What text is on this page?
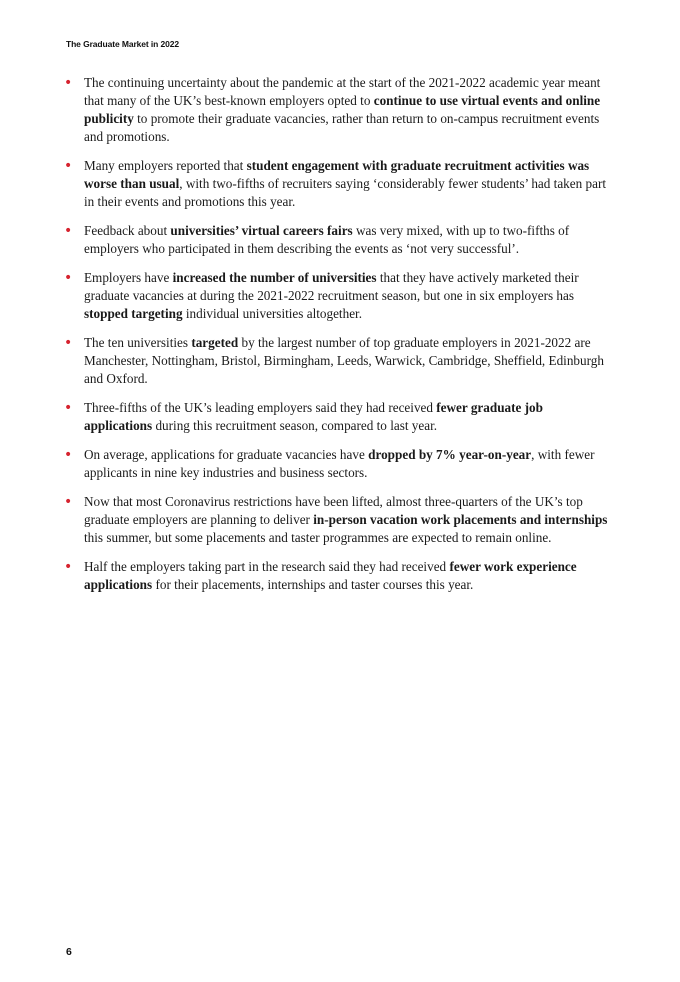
The Graduate Market in 2022
• The continuing uncertainty about the pandemic at the start of the 2021-2022 academic year meant that many of the UK’s best-known employers opted to continue to use virtual events and online publicity to promote their graduate vacancies, rather than return to on-campus recruitment events and promotions.
• Many employers reported that student engagement with graduate recruitment activities was worse than usual, with two-fifths of recruiters saying ‘considerably fewer students’ had taken part in their events and promotions this year.
• Feedback about universities’ virtual careers fairs was very mixed, with up to two-fifths of employers who participated in them describing the events as ‘not very successful’.
• Employers have increased the number of universities that they have actively marketed their graduate vacancies at during the 2021-2022 recruitment season, but one in six employers has stopped targeting individual universities altogether.
• The ten universities targeted by the largest number of top graduate employers in 2021-2022 are Manchester, Nottingham, Bristol, Birmingham, Leeds, Warwick, Cambridge, Sheffield, Edinburgh and Oxford.
• Three-fifths of the UK’s leading employers said they had received fewer graduate job applications during this recruitment season, compared to last year.
• On average, applications for graduate vacancies have dropped by 7% year-on-year, with fewer applicants in nine key industries and business sectors.
• Now that most Coronavirus restrictions have been lifted, almost three-quarters of the UK’s top graduate employers are planning to deliver in-person vacation work placements and internships this summer, but some placements and taster programmes are expected to remain online.
• Half the employers taking part in the research said they had received fewer work experience applications for their placements, internships and taster courses this year.
6
